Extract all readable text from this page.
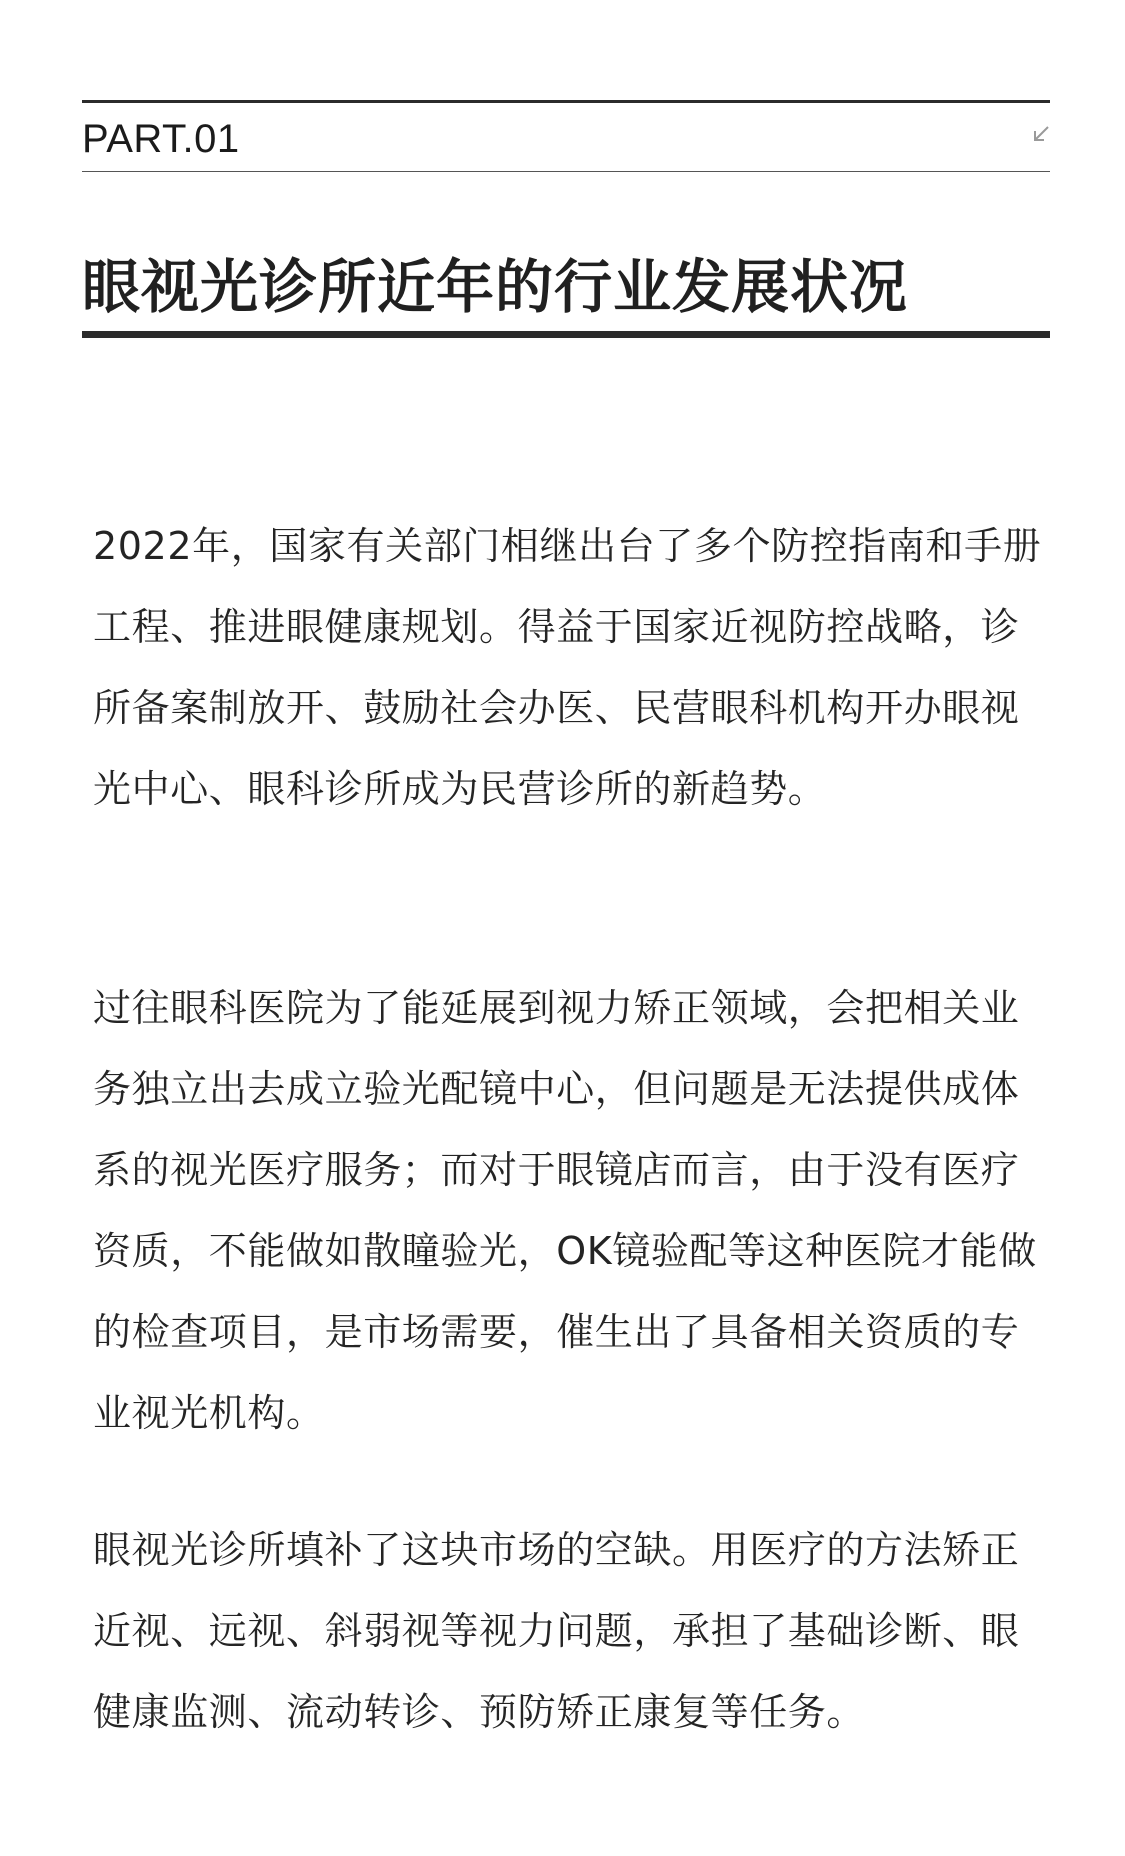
PART.01
眼视光诊所近年的行业发展状况

2022年，国家有关部门相继出台了多个防控指南和手册工程、推进眼健康规划。得益于国家近视防控战略，诊所备案制放开、鼓励社会办医、民营眼科机构开办眼视光中心、眼科诊所成为民营诊所的新趋势。

过往眼科医院为了能延展到视力矫正领域，会把相关业务独立出去成立验光配镜中心，但问题是无法提供成体系的视光医疗服务；而对于眼镜店而言，由于没有医疗资质，不能做如散瞳验光，OK镜验配等这种医院才能做的检查项目，是市场需要，催生出了具备相关资质的专业视光机构。

眼视光诊所填补了这块市场的空缺。用医疗的方法矫正近视、远视、斜弱视等视力问题，承担了基础诊断、眼健康监测、流动转诊、预防矫正康复等任务。
